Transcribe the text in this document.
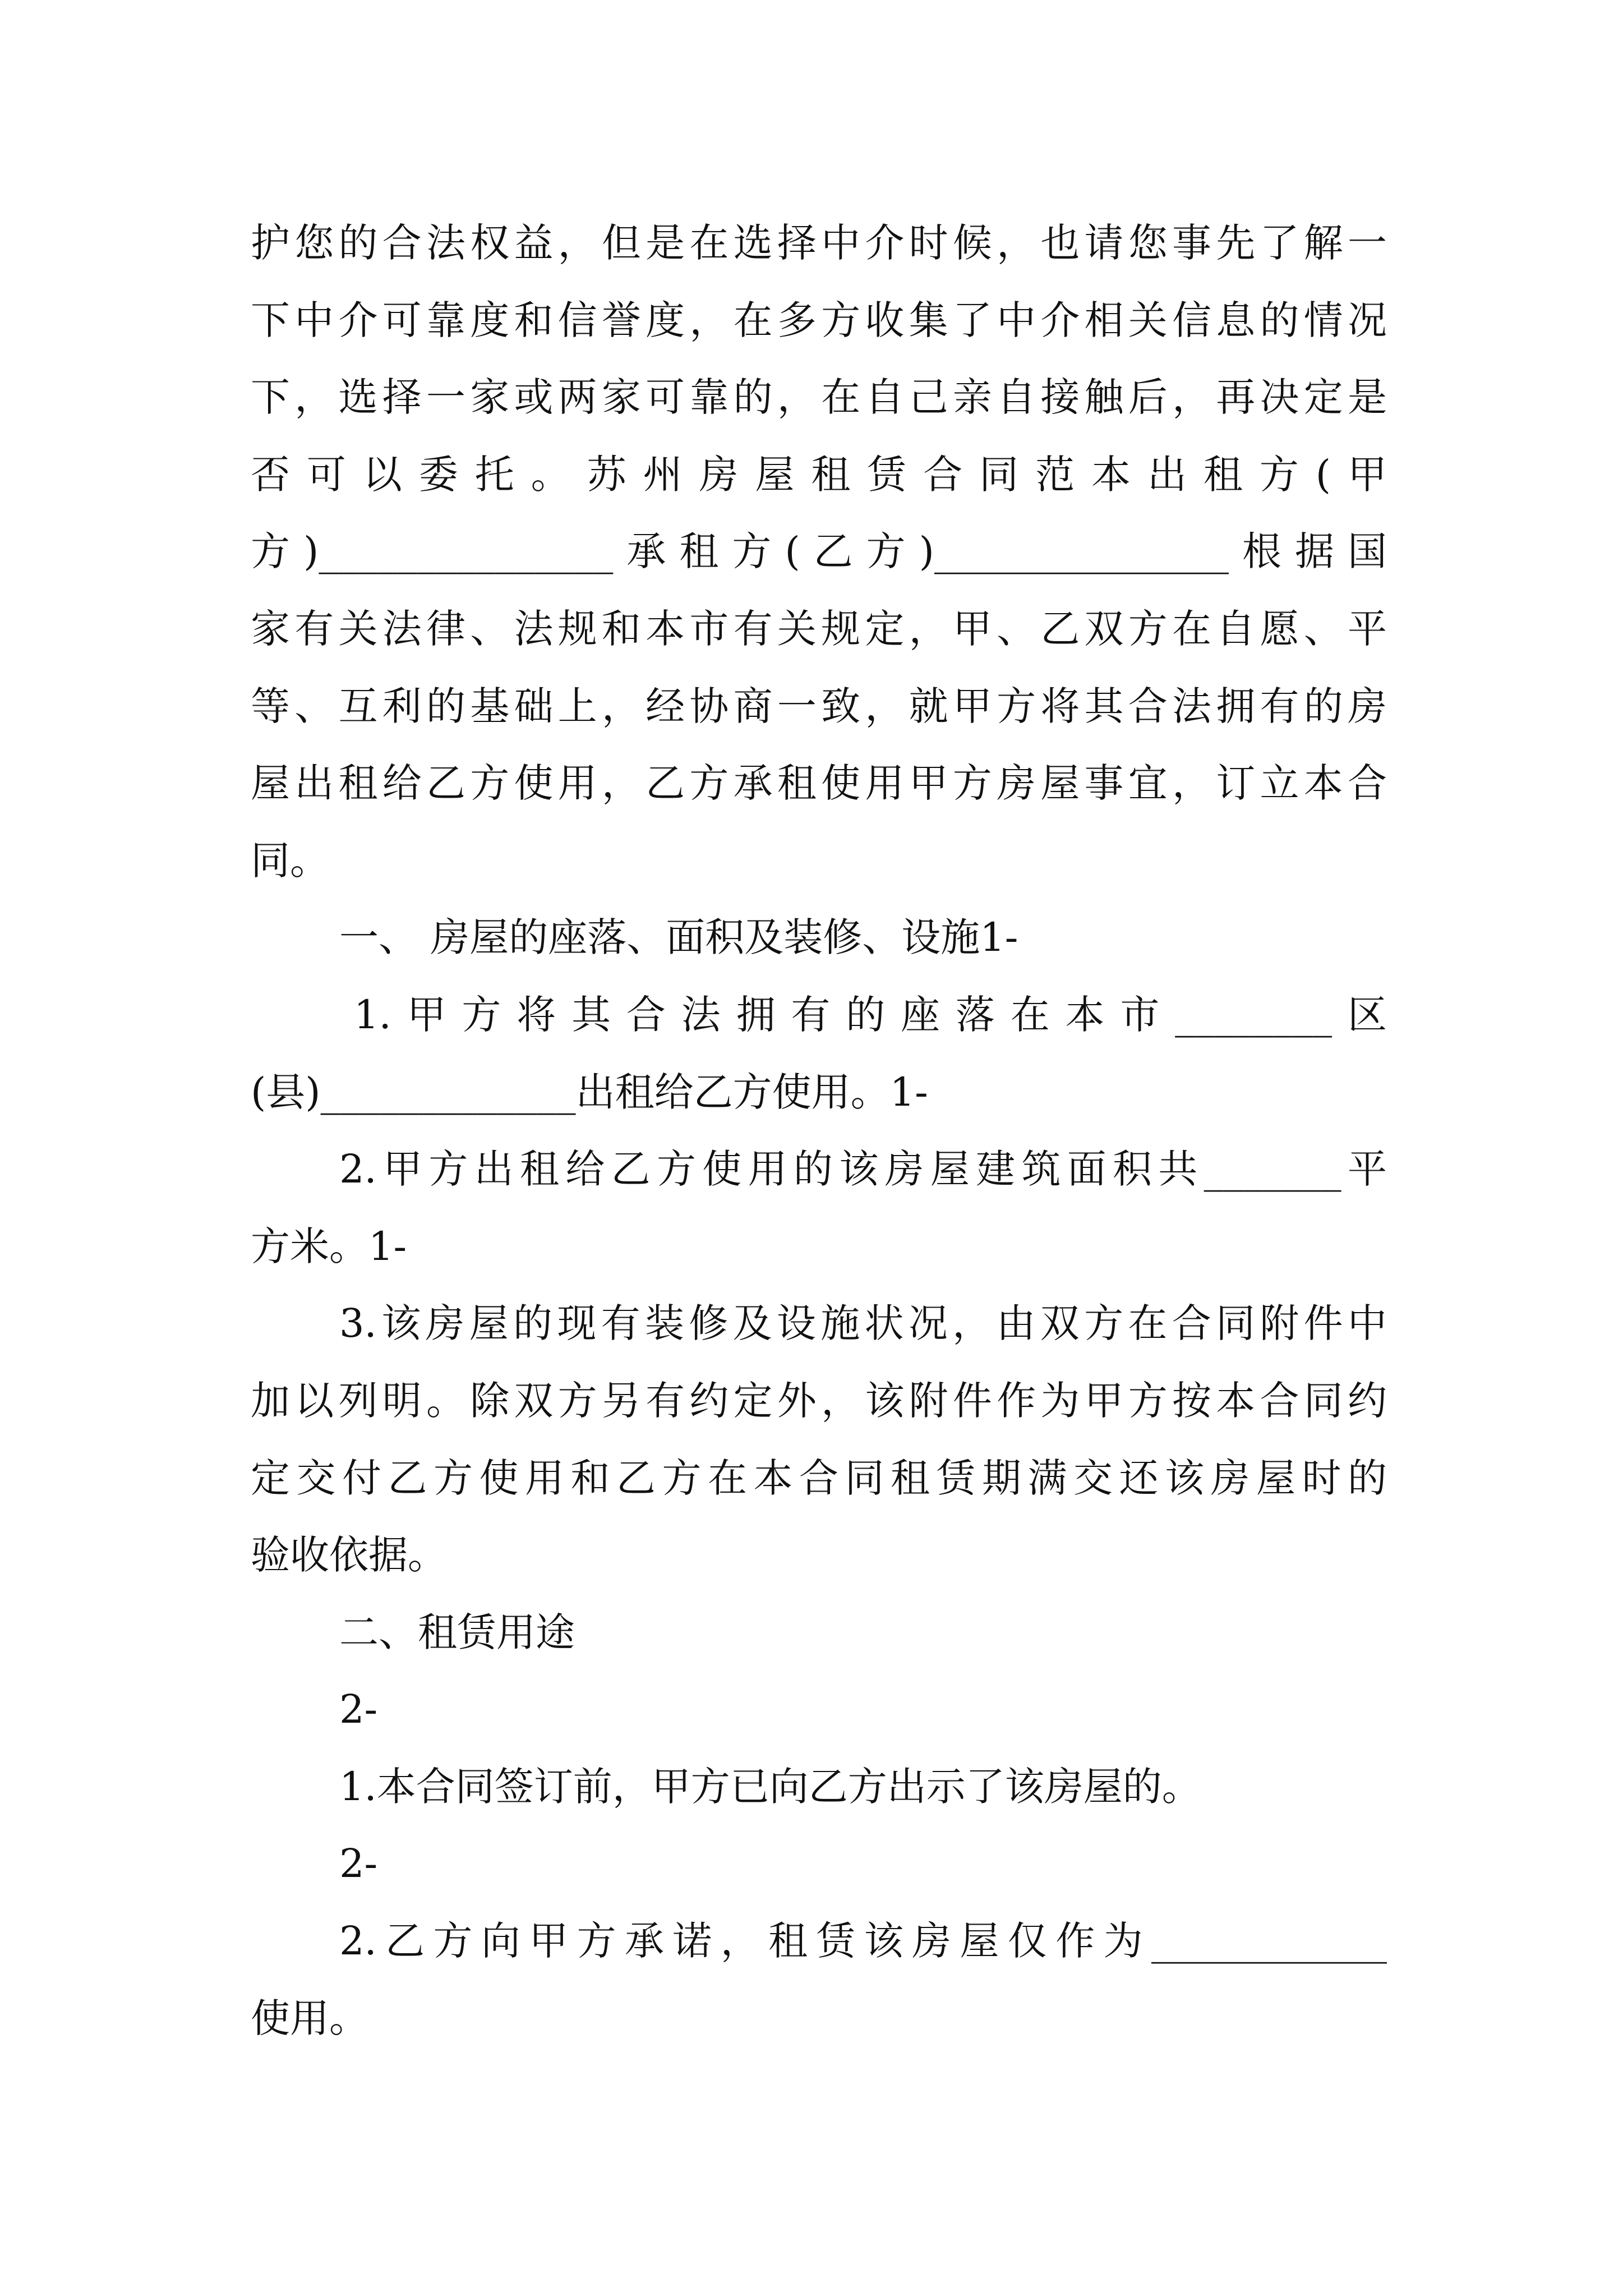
护您的合法权益，但是在选择中介时候，也请您事先了解一
下中介可靠度和信誉度，在多方收集了中介相关信息的情况
下，选择一家或两家可靠的，在自己亲自接触后，再决定是
否可以委托。苏州房屋租赁合同范本出租方(甲
方)_______________承租方(乙方)_______________根据国
家有关法律、法规和本市有关规定，甲、乙双方在自愿、平
等、互利的基础上，经协商一致，就甲方将其合法拥有的房
屋出租给乙方使用，乙方承租使用甲方房屋事宜，订立本合
同。
一、 房屋的座落、面积及装修、设施1-
1.甲方将其合法拥有的座落在本市________区
(县)_____________出租给乙方使用。1-
2.甲方出租给乙方使用的该房屋建筑面积共_______平
方米。1-
3.该房屋的现有装修及设施状况，由双方在合同附件中
加以列明。除双方另有约定外，该附件作为甲方按本合同约
定交付乙方使用和乙方在本合同租赁期满交还该房屋时的
验收依据。
二、租赁用途
2-
1.本合同签订前，甲方已向乙方出示了该房屋的。
2-
2.乙方向甲方承诺，租赁该房屋仅作为____________
使用。
